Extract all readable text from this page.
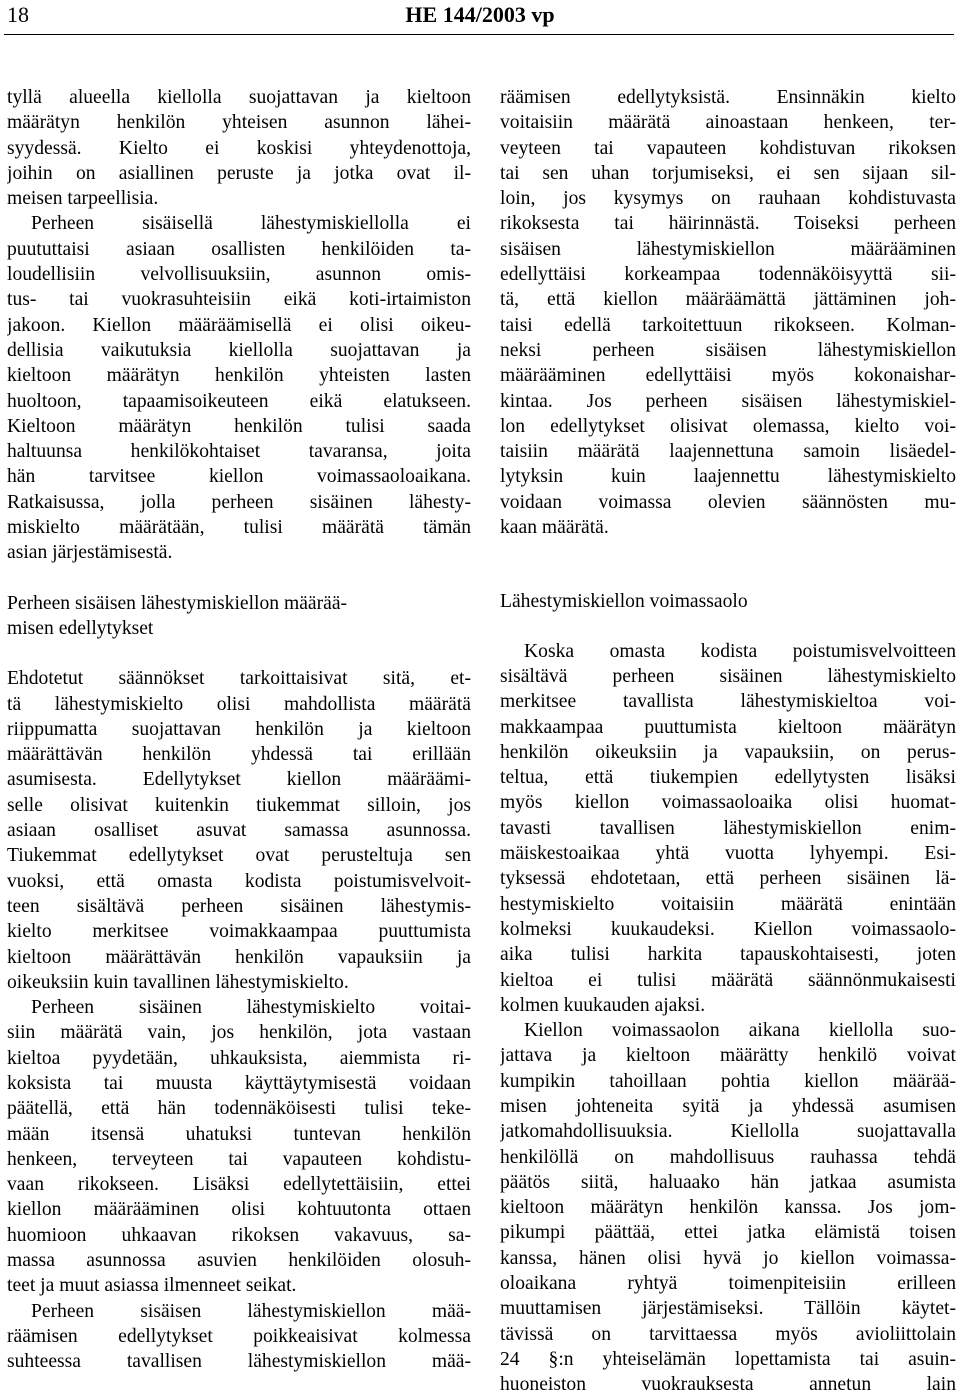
18	HE 144/2003 vp
tyllä alueella kiellolla suojattavan ja kieltoon
määrätyn henkilön yhteisen asunnon lähei-
syydessä. Kielto ei koskisi yhteydenottoja,
joihin on asiallinen peruste ja jotka ovat il-
meisen tarpeellisia.
Perheen sisäisellä lähestymiskiellolla ei
puututtaisi asiaan osallisten henkilöiden ta-
loudellisiin velvollisuuksiin, asunnon omis-
tus- tai vuokrasuhteisiin eikä koti-irtaimiston
jakoon. Kiellon määräämisellä ei olisi oikeu-
dellisia vaikutuksia kiellolla suojattavan ja
kieltoon määrätyn henkilön yhteisten lasten
huoltoon, tapaamisoikeuteen eikä elatukseen.
Kieltoon määrätyn henkilön tulisi saada
haltuunsa henkilökohtaiset tavaransa, joita
hän tarvitsee kiellon voimassaoloaikana.
Ratkaisussa, jolla perheen sisäinen lähesty-
miskielto määrätään, tulisi määrätä tämän
asian järjestämisestä.
Perheen sisäisen lähestymiskiellon määrää-
misen edellytykset
Ehdotetut säännökset tarkoittaisivat sitä, et-
tä lähestymiskielto olisi mahdollista määrätä
riippumatta suojattavan henkilön ja kieltoon
määrättävän henkilön yhdessä tai erillään
asumisesta. Edellytykset kiellon määräämi-
selle olisivat kuitenkin tiukemmat silloin, jos
asiaan osalliset asuvat samassa asunnossa.
Tiukemmat edellytykset ovat perusteltuja sen
vuoksi, että omasta kodista poistumisvelvoit-
teen sisältävä perheen sisäinen lähestymis-
kielto merkitsee voimakkaampaa puuttumista
kieltoon määrättävän henkilön vapauksiin ja
oikeuksiin kuin tavallinen lähestymiskielto.
Perheen sisäinen lähestymiskielto voitai-
siin määrätä vain, jos henkilön, jota vastaan
kieltoa pyydetään, uhkauksista, aiemmista ri-
koksista tai muusta käyttäytymisestä voidaan
päätellä, että hän todennäköisesti tulisi teke-
mään itsensä uhatuksi tuntevan henkilön
henkeen, terveyteen tai vapauteen kohdistu-
vaan rikokseen. Lisäksi edellytettäisiin, ettei
kiellon määrääminen olisi kohtuutonta ottaen
huomioon uhkaavan rikoksen vakavuus, sa-
massa asunnossa asuvien henkilöiden olosuh-
teet ja muut asiassa ilmenneet seikat.
Perheen sisäisen lähestymiskiellon mää-
räämisen edellytykset poikkeaisivat kolmessa
suhteessa tavallisen lähestymiskiellon mää-
räämisen edellytyksistä. Ensinnäkin kielto
voitaisiin määrätä ainoastaan henkeen, ter-
veyteen tai vapauteen kohdistuvan rikoksen
tai sen uhan torjumiseksi, ei sen sijaan sil-
loin, jos kysymys on rauhaan kohdistuvasta
rikoksesta tai häirinnästä. Toiseksi perheen
sisäisen lähestymiskiellon määrääminen
edellyttäisi korkeampaa todennäköisyyttä sii-
tä, että kiellon määräämättä jättäminen joh-
taisi edellä tarkoitettuun rikokseen. Kolman-
neksi perheen sisäisen lähestymiskiellon
määrääminen edellyttäisi myös kokonaishar-
kintaa. Jos perheen sisäisen lähestymiskiel-
lon edellytykset olisivat olemassa, kielto voi-
taisiin määrätä laajennettuna samoin lisäedel-
lytyksin kuin laajennettu lähestymiskielto
voidaan voimassa olevien säännösten mu-
kaan määrätä.
Lähestymiskiellon voimassaolo
Koska omasta kodista poistumisvelvoitteen
sisältävä perheen sisäinen lähestymiskielto
merkitsee tavallista lähestymiskieltoa voi-
makkaampaa puuttumista kieltoon määrätyn
henkilön oikeuksiin ja vapauksiin, on perus-
teltua, että tiukempien edellytysten lisäksi
myös kiellon voimassaoloaika olisi huomat-
tavasti tavallisen lähestymiskiellon enim-
mäiskestoaikaa yhtä vuotta lyhyempi. Esi-
tyksessä ehdotetaan, että perheen sisäinen lä-
hestymiskielto voitaisiin määrätä enintään
kolmeksi kuukaudeksi. Kiellon voimassaolo-
aika tulisi harkita tapauskohtaisesti, joten
kieltoa ei tulisi määrätä säännönmukaisesti
kolmen kuukauden ajaksi.
Kiellon voimassaolon aikana kiellolla suo-
jattava ja kieltoon määrätty henkilö voivat
kumpikin tahoillaan pohtia kiellon määrää-
misen johteneita syitä ja yhdessä asumisen
jatkomahdollisuuksia. Kiellolla suojattavalla
henkilöllä on mahdollisuus rauhassa tehdä
päätös siitä, haluaako hän jatkaa asumista
kieltoon määrätyn henkilön kanssa. Jos jom-
pikumpi päättää, ettei jatka elämistä toisen
kanssa, hänen olisi hyvä jo kiellon voimassa-
oloaikana ryhtyä toimenpiteisiin erilleen
muuttamisen järjestämiseksi. Tällöin käytet-
tävissä on tarvittaessa myös avioliittolain
24 §:n yhteiselämän lopettamista tai asuin-
huoneiston vuokrauksesta annetun lain
